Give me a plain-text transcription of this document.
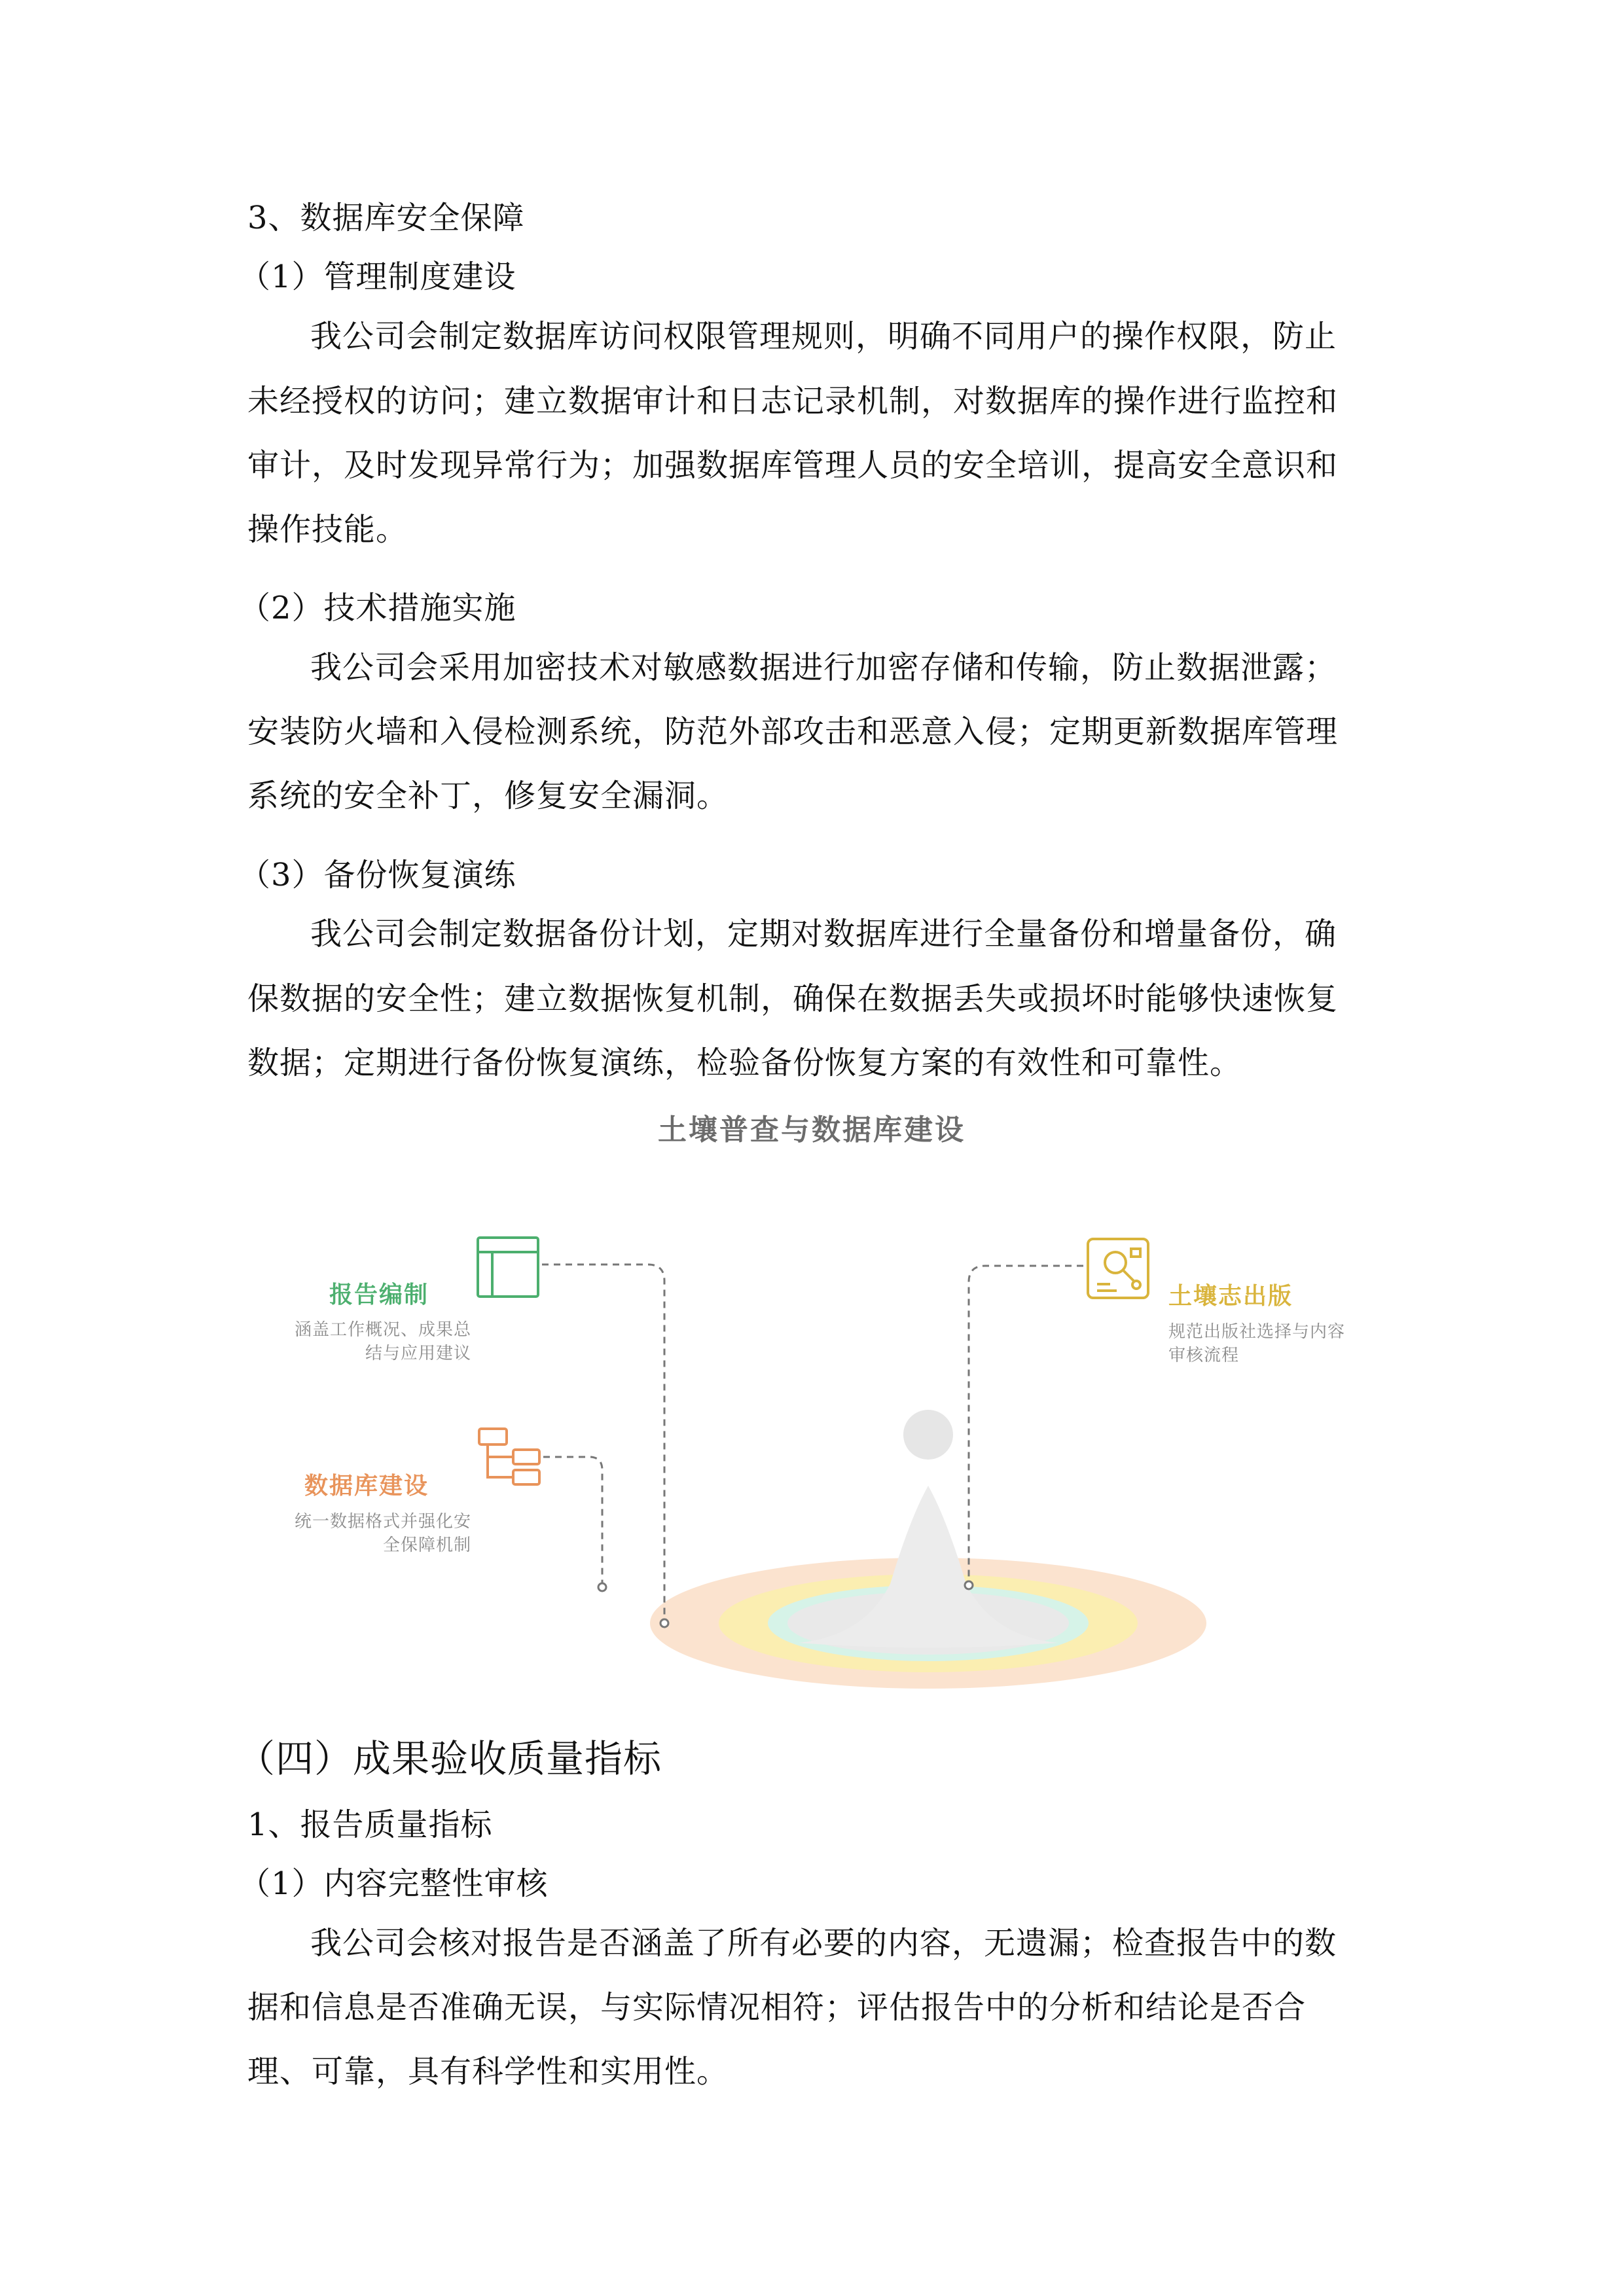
3、数据库安全保障
（1）管理制度建设
我公司会制定数据库访问权限管理规则，明确不同用户的操作权限，防止
未经授权的访问；建立数据审计和日志记录机制，对数据库的操作进行监控和
审计，及时发现异常行为；加强数据库管理人员的安全培训，提高安全意识和
操作技能。
（2）技术措施实施
我公司会采用加密技术对敏感数据进行加密存储和传输，防止数据泄露；
安装防火墙和入侵检测系统，防范外部攻击和恶意入侵；定期更新数据库管理
系统的安全补丁，修复安全漏洞。
（3）备份恢复演练
我公司会制定数据备份计划，定期对数据库进行全量备份和增量备份，确
保数据的安全性；建立数据恢复机制，确保在数据丢失或损坏时能够快速恢复
数据；定期进行备份恢复演练，检验备份恢复方案的有效性和可靠性。
土壤普查与数据库建设
报告编制
涵盖工作概况、成果总
结与应用建议
数据库建设
统一数据格式并强化安
全保障机制
土壤志出版
规范出版社选择与内容
审核流程
（四）成果验收质量指标
1、报告质量指标
（1）内容完整性审核
我公司会核对报告是否涵盖了所有必要的内容，无遗漏；检查报告中的数
据和信息是否准确无误，与实际情况相符；评估报告中的分析和结论是否合
理、可靠，具有科学性和实用性。
